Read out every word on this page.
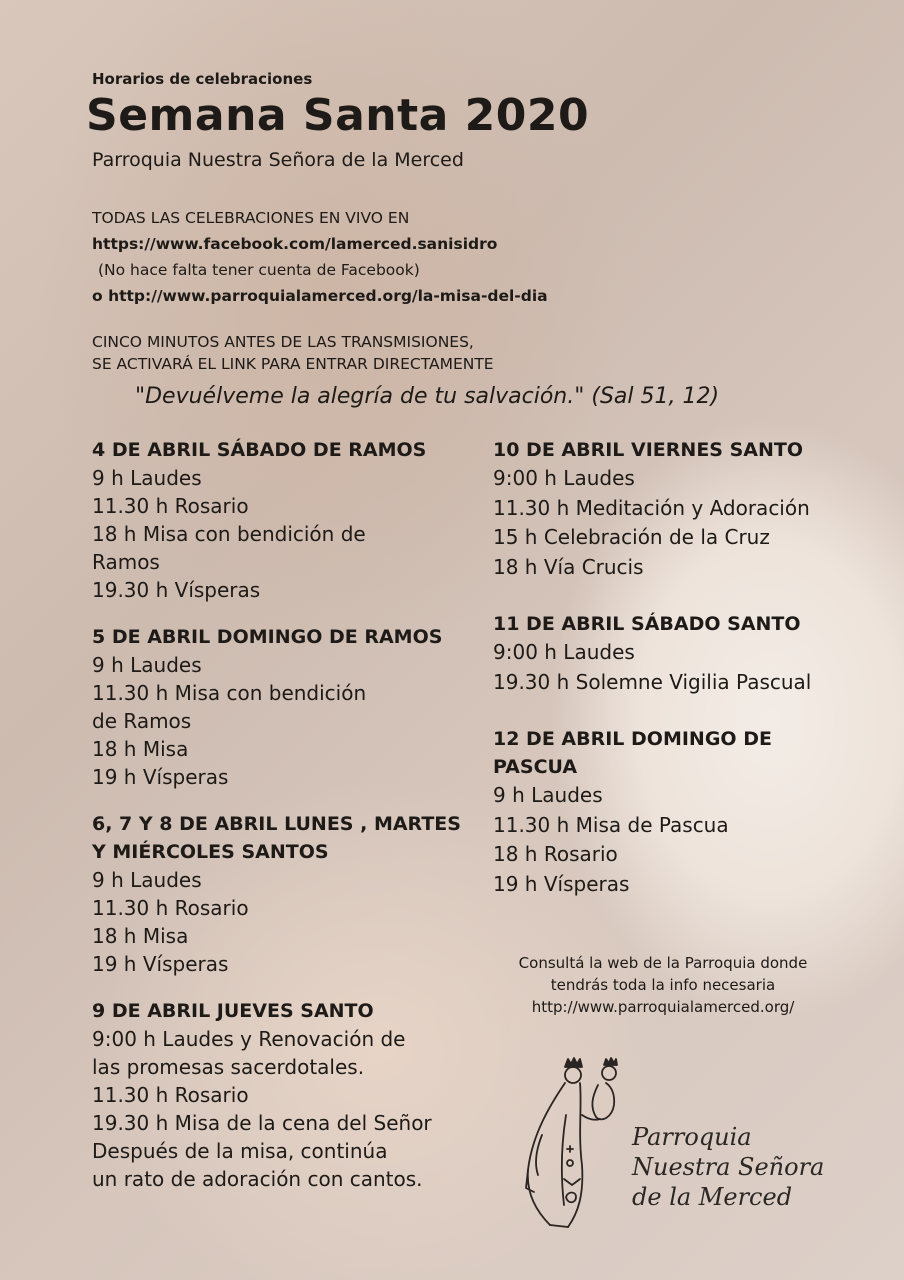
Horarios de celebraciones
Semana Santa 2020
Parroquia Nuestra Señora de la Merced
TODAS LAS CELEBRACIONES EN VIVO EN
https://www.facebook.com/lamerced.sanisidro
(No hace falta tener cuenta de Facebook)
o http://www.parroquialamerced.org/la-misa-del-dia
CINCO MINUTOS ANTES DE LAS TRANSMISIONES,
SE ACTIVARÁ EL LINK PARA ENTRAR DIRECTAMENTE
"Devuélveme la alegría de tu salvación." (Sal 51, 12)
4 DE ABRIL SÁBADO DE RAMOS
9 h Laudes
11.30 h Rosario
18 h Misa con bendición de
Ramos
19.30 h Vísperas
5 DE ABRIL DOMINGO DE RAMOS
9 h Laudes
11.30 h Misa con bendición
de Ramos
18 h Misa
19 h Vísperas
6, 7 Y 8 DE ABRIL LUNES , MARTES
Y MIÉRCOLES SANTOS
9 h Laudes
11.30 h Rosario
18 h Misa
19 h Vísperas
9 DE ABRIL JUEVES SANTO
9:00 h Laudes y Renovación de
las promesas sacerdotales.
11.30 h Rosario
19.30 h Misa de la cena del Señor
Después de la misa, continúa
un rato de adoración con cantos.
10 DE ABRIL VIERNES SANTO
9:00 h Laudes
11.30 h Meditación y Adoración
15 h Celebración de la Cruz
18 h Vía Crucis
11 DE ABRIL SÁBADO SANTO
9:00 h Laudes
19.30 h Solemne Vigilia Pascual
12 DE ABRIL DOMINGO DE
PASCUA
9 h Laudes
11.30 h Misa de Pascua
18 h Rosario
19 h Vísperas
Consultá la web de la Parroquia donde
tendrás toda la info necesaria
http://www.parroquialamerced.org/
Parroquia
Nuestra Señora
de la Merced
